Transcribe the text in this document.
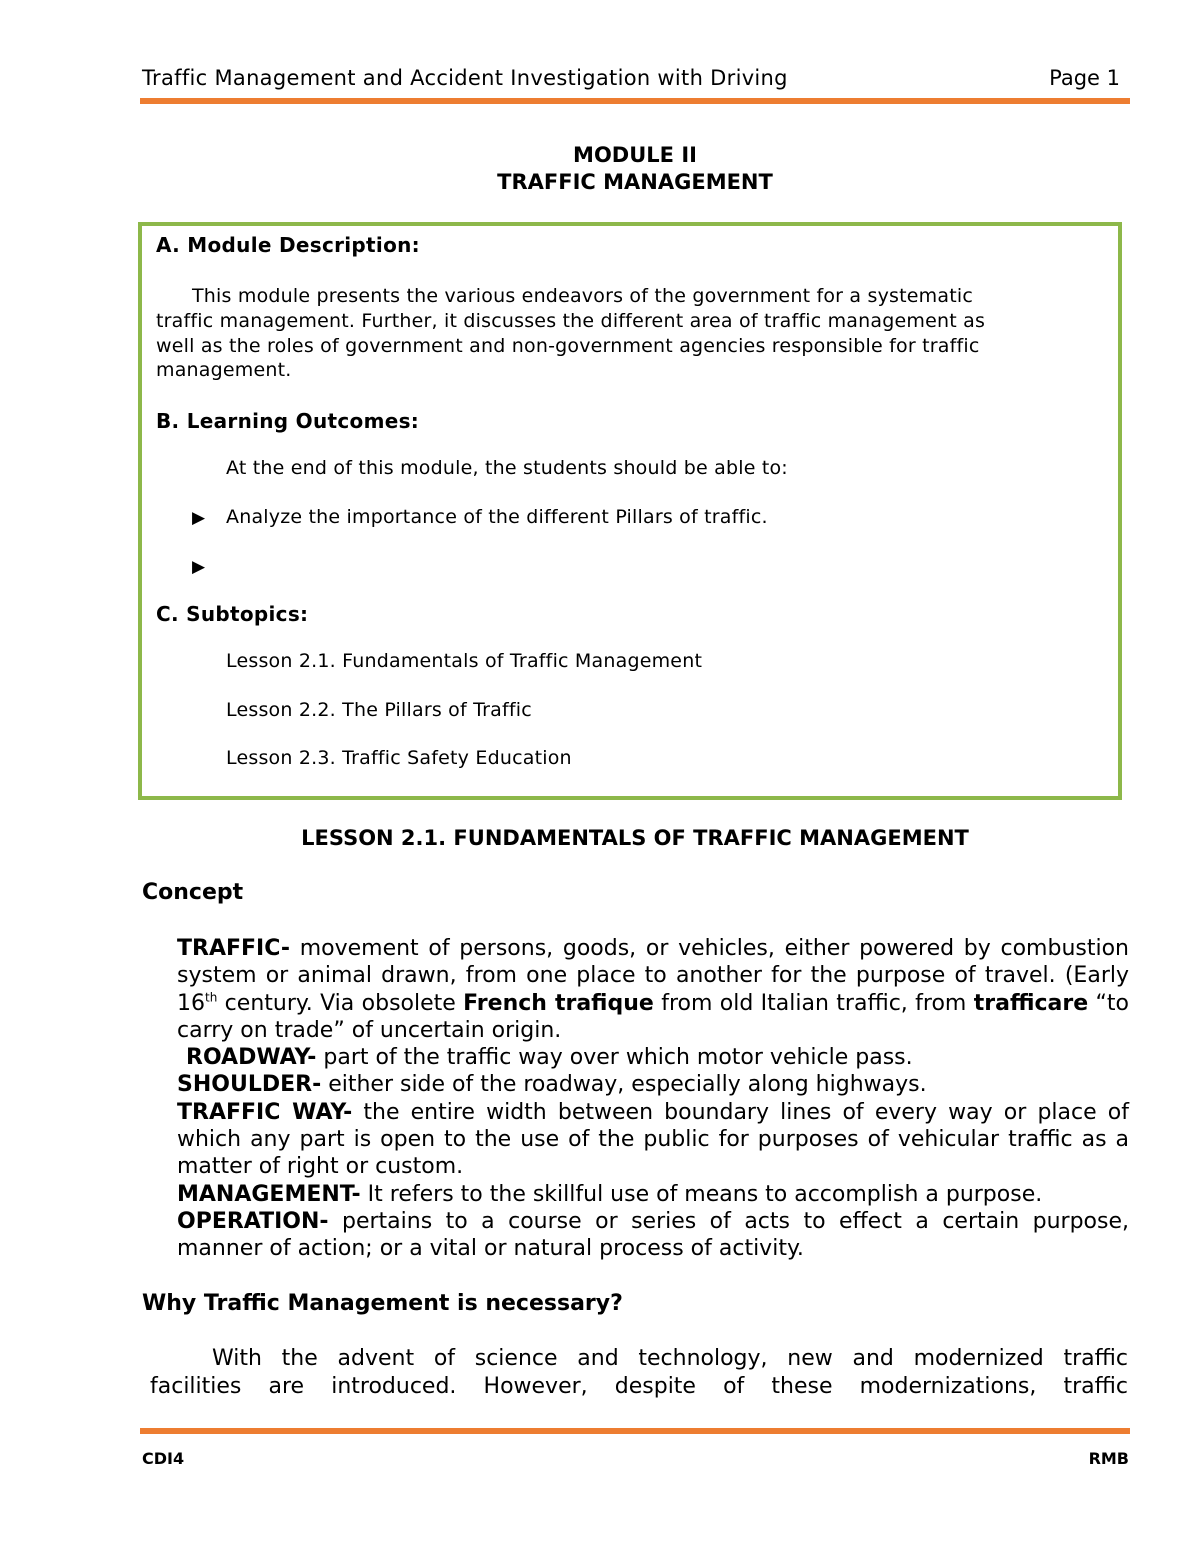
Traffic Management and Accident Investigation with Driving	Page 1
MODULE II
TRAFFIC MANAGEMENT
A. Module Description:
This module presents the various endeavors of the government for a systematic
traffic management. Further, it discusses the different area of traffic management as
well as the roles of government and non-government agencies responsible for traffic
management.
B. Learning Outcomes:
At the end of this module, the students should be able to:
▶ Analyze the importance of the different Pillars of traffic.
▶
C. Subtopics:
Lesson 2.1. Fundamentals of Traffic Management
Lesson 2.2. The Pillars of Traffic
Lesson 2.3. Traffic Safety Education
LESSON 2.1. FUNDAMENTALS OF TRAFFIC MANAGEMENT
Concept

TRAFFIC- movement of persons, goods, or vehicles, either powered by combustion system or animal drawn, from one place to another for the purpose of travel. (Early 16th century. Via obsolete French trafique from old Italian traffic, from trafficare “to carry on trade” of uncertain origin.

ROADWAY- part of the traffic way over which motor vehicle pass.

SHOULDER- either side of the roadway, especially along highways.

TRAFFIC WAY- the entire width between boundary lines of every way or place of which any part is open to the use of the public for purposes of vehicular traffic as a matter of right or custom.

MANAGEMENT- It refers to the skillful use of means to accomplish a purpose.

OPERATION- pertains to a course or series of acts to effect a certain purpose, manner of action; or a vital or natural process of activity.

Why Traffic Management is necessary?
With the advent of science and technology, new and modernized traffic
facilities are introduced. However, despite of these modernizations, traffic
CDI4	RMB
